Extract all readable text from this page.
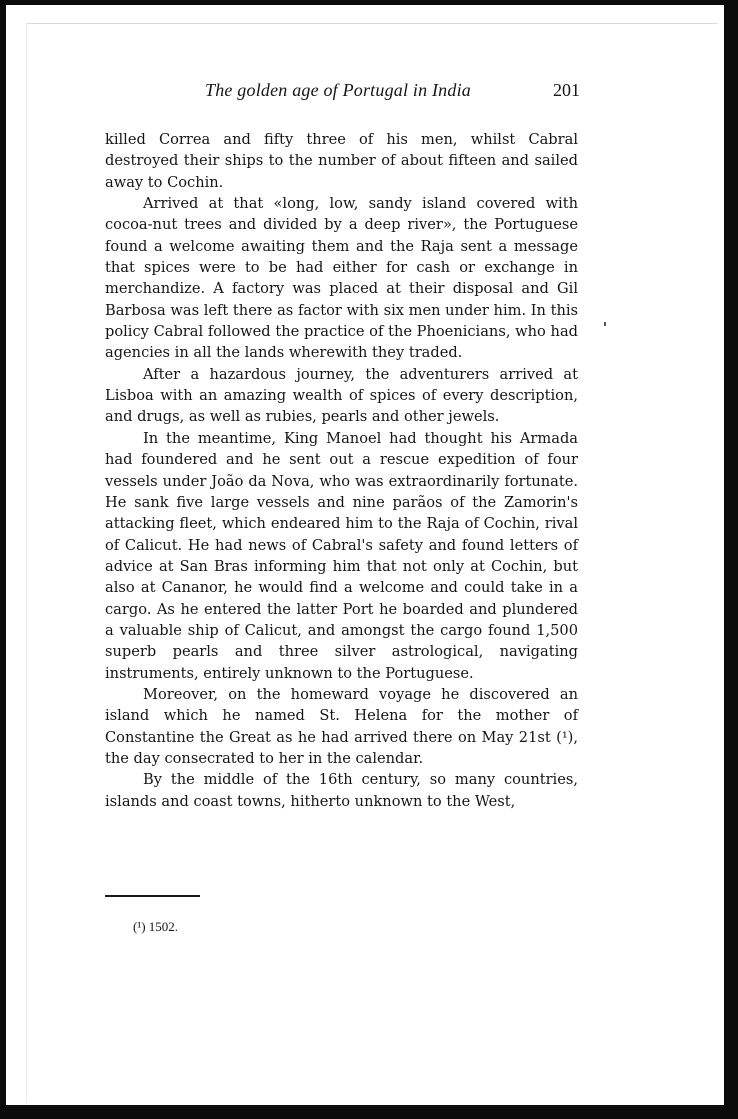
The golden age of Portugal in India	201

killed Correa and fifty three of his men, whilst Cabral destroyed their ships to the number of about fifteen and sailed away to Cochin.

Arrived at that «long, low, sandy island covered with cocoa-nut trees and divided by a deep river», the Portuguese found a welcome awaiting them and the Raja sent a message that spices were to be had either for cash or exchange in merchandize. A factory was placed at their disposal and Gil Barbosa was left there as factor with six men under him. In this policy Cabral followed the practice of the Phoenicians, who had agencies in all the lands wherewith they traded.

After a hazardous journey, the adventurers arrived at Lisboa with an amazing wealth of spices of every description, and drugs, as well as rubies, pearls and other jewels.

In the meantime, King Manoel had thought his Armada had foundered and he sent out a rescue expedition of four vessels under João da Nova, who was extraordinarily fortunate. He sank five large vessels and nine parãos of the Zamorin's attacking fleet, which endeared him to the Raja of Cochin, rival of Calicut. He had news of Cabral's safety and found letters of advice at San Bras informing him that not only at Cochin, but also at Cananor, he would find a welcome and could take in a cargo. As he entered the latter Port he boarded and plundered a valuable ship of Calicut, and amongst the cargo found 1,500 superb pearls and three silver astrological, navigating instruments, entirely unknown to the Portuguese.

Moreover, on the homeward voyage he discovered an island which he named St. Helena for the mother of Constantine the Great as he had arrived there on May 21st (¹), the day consecrated to her in the calendar.

By the middle of the 16th century, so many countries, islands and coast towns, hitherto unknown to the West,

(¹) 1502.
